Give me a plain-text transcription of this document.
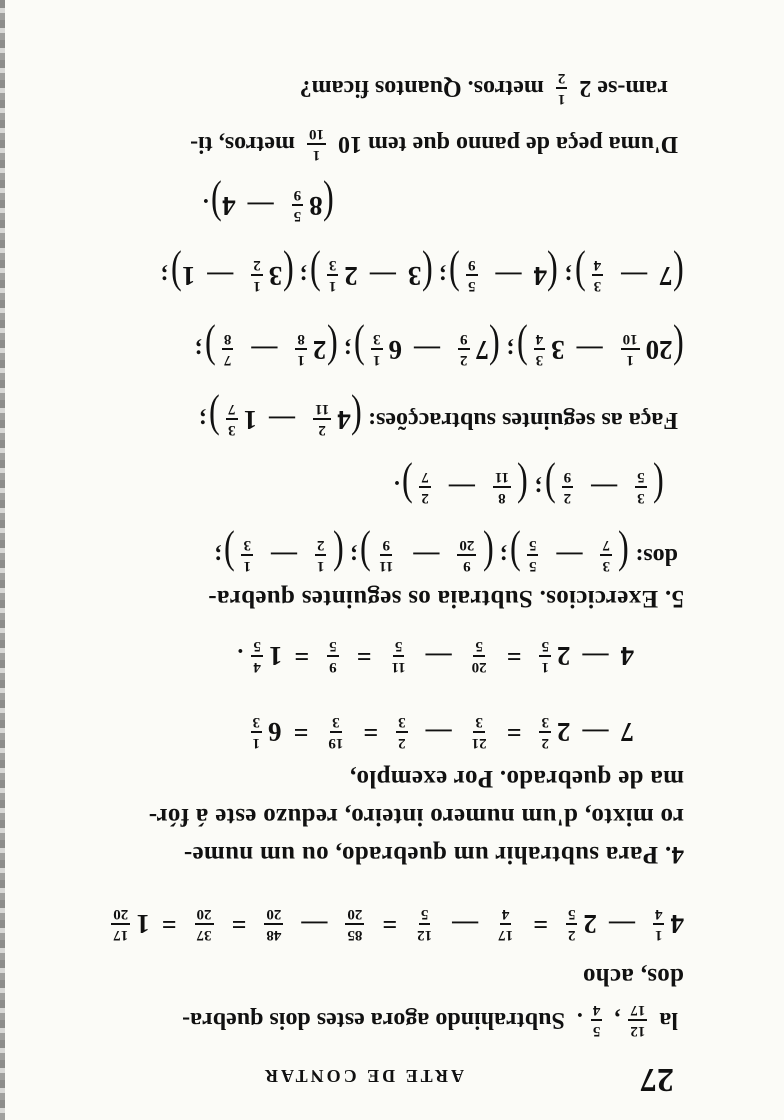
27
ARTE DE CONTAR
la
12
17
,
5
4
.
Subtrahindo agora estes dois quebra-
dos, acho
4
1
4
—
2
2
5
=
17
4
—
12
5
=
85
20
—
48
20
=
37
20
=
1
17
20
4. Para subtrahir um quebrado, ou um nume-
ro mixto, d'um numero inteiro, reduzo este á fór-
ma de quebrado. Por exemplo,
7
—
2
2
3
=
21
3
—
2
3
=
19
3
=
6
1
3
4
—
2
1
5
=
20
5
—
11
5
=
9
5
=
1
4
5
.
5. Exercicios. Subtraia os seguintes quebra-
dos:
(
3
7
—
5
5
)
;
(
9
20
—
11
9
)
;
(
1
2
—
1
3
)
;
(
3
5
—
2
9
)
;
(
8
11
—
2
7
)
.
Faça as seguintes subtracções:
(
4
2
11
—
1
3
7
)
;
(
20
1
10
—
3
3
4
)
;
(
7
2
9
—
6
1
3
)
;
(
2
1
8
—
7
8
)
;
(
7
—
3
4
)
;
(
4
—
5
9
)
;
(
3
—
2
1
3
)
;
(
3
1
2
—
1
)
;
(
8
5
9
—
4
)
.
D'uma peça de panno que tem 10
1
10
metros, ti-
ram-se 2
1
2
metros. Quantos ficam?
